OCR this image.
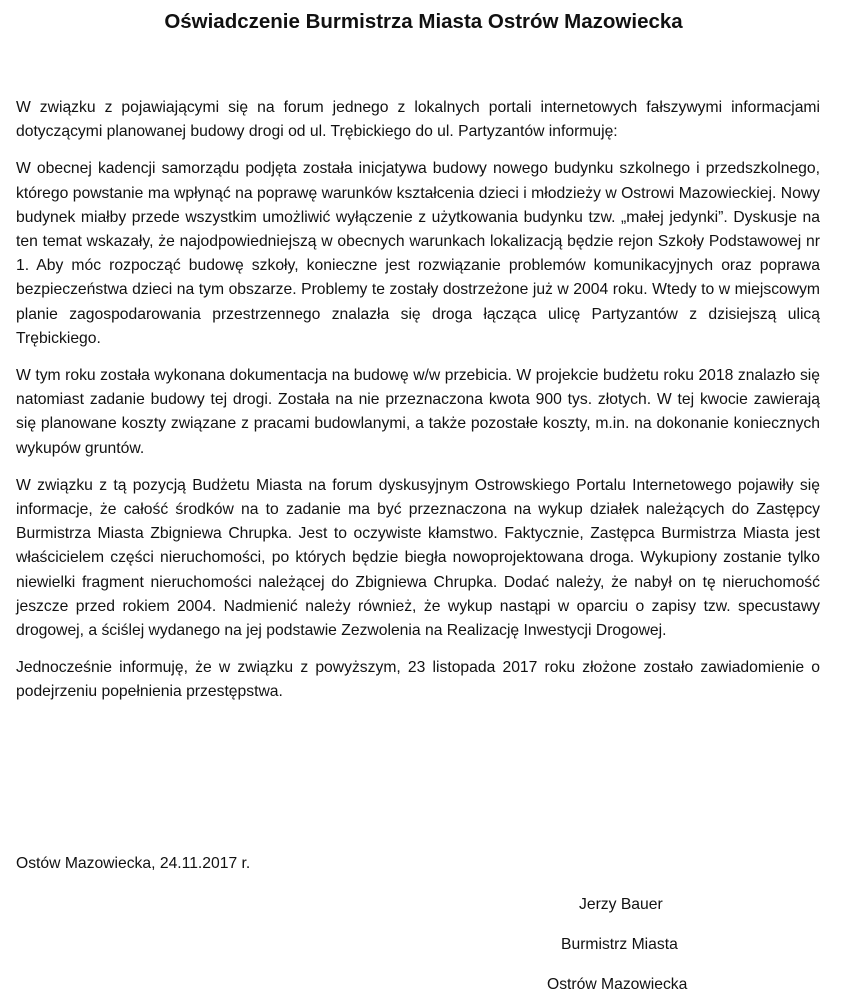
Oświadczenie Burmistrza Miasta Ostrów Mazowiecka

W związku z pojawiającymi się na forum jednego z lokalnych portali internetowych fałszywymi informacjami dotyczącymi planowanej budowy drogi od ul. Trębickiego do ul. Partyzantów informuję:

W obecnej kadencji samorządu podjęta została inicjatywa budowy nowego budynku szkolnego i przedszkolnego, którego powstanie ma wpłynąć na poprawę warunków kształcenia dzieci i młodzieży w Ostrowi Mazowieckiej. Nowy budynek miałby przede wszystkim umożliwić wyłączenie z użytkowania budynku tzw. „małej jedynki”. Dyskusje na ten temat wskazały, że najodpowiedniejszą w obecnych warunkach lokalizacją będzie rejon Szkoły Podstawowej nr 1. Aby móc rozpocząć budowę szkoły, konieczne jest rozwiązanie problemów komunikacyjnych oraz poprawa bezpieczeństwa dzieci na tym obszarze. Problemy te zostały dostrzeżone już w 2004 roku. Wtedy to w miejscowym planie zagospodarowania przestrzennego znalazła się droga łącząca ulicę Partyzantów z dzisiejszą ulicą Trębickiego.

W tym roku została wykonana dokumentacja na budowę w/w przebicia. W projekcie budżetu roku 2018 znalazło się natomiast zadanie budowy tej drogi. Została na nie przeznaczona kwota 900 tys. złotych. W tej kwocie zawierają się planowane koszty związane z pracami budowlanymi, a także pozostałe koszty, m.in. na dokonanie koniecznych wykupów gruntów.

W związku z tą pozycją Budżetu Miasta na forum dyskusyjnym Ostrowskiego Portalu Internetowego pojawiły się informacje, że całość środków na to zadanie ma być przeznaczona na wykup działek należących do Zastępcy Burmistrza Miasta Zbigniewa Chrupka. Jest to oczywiste kłamstwo. Faktycznie, Zastępca Burmistrza Miasta jest właścicielem części nieruchomości, po których będzie biegła nowoprojektowana droga. Wykupiony zostanie tylko niewielki fragment nieruchomości należącej do Zbigniewa Chrupka. Dodać należy, że nabył on tę nieruchomość jeszcze przed rokiem 2004. Nadmienić należy również, że wykup nastąpi w oparciu o zapisy tzw. specustawy drogowej, a ściślej wydanego na jej podstawie Zezwolenia na Realizację Inwestycji Drogowej.

Jednocześnie informuję, że w związku z powyższym, 23 listopada 2017 roku złożone zostało zawiadomienie o podejrzeniu popełnienia przestępstwa.

Ostów Mazowiecka, 24.11.2017 r.
Jerzy Bauer
Burmistrz Miasta
Ostrów Mazowiecka
